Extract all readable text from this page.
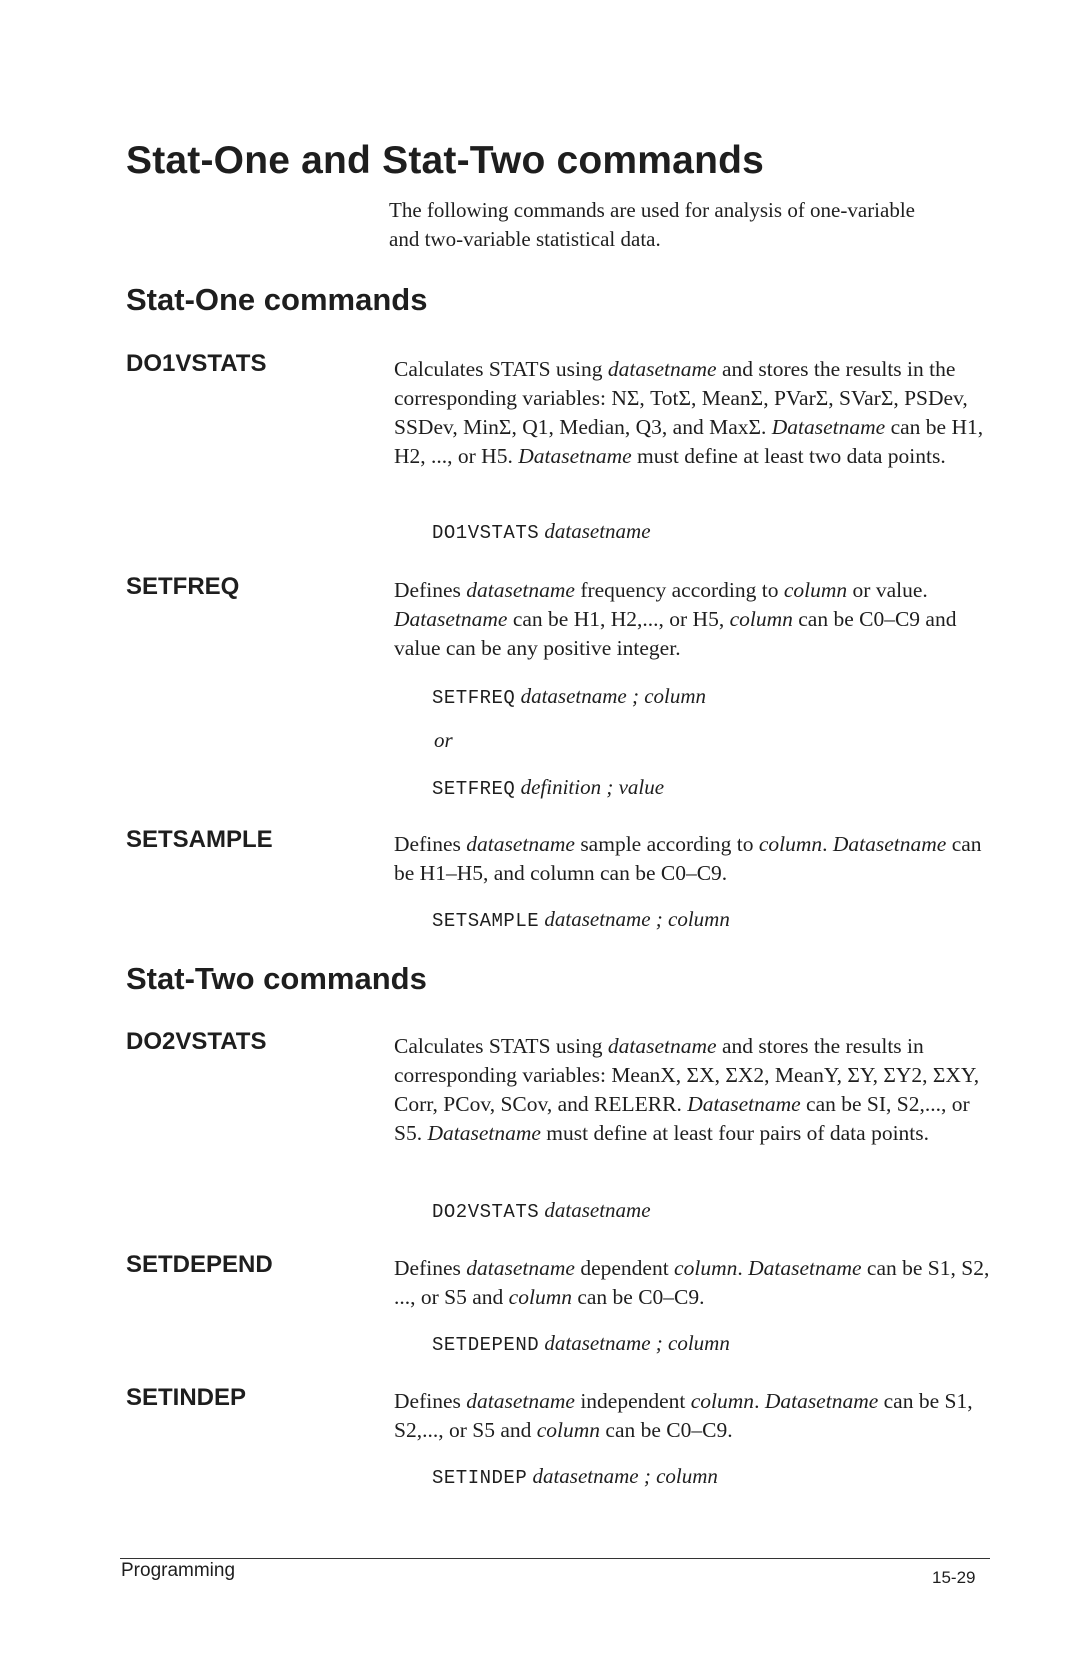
Stat-One and Stat-Two commands

The following commands are used for analysis of one-variable and two-variable statistical data.

Stat-One commands
DO1VSTATS	Calculates STATS using datasetname and stores the results in the corresponding variables: NΣ, TotΣ, MeanΣ, PVarΣ, SVarΣ, PSDev, SSDev, MinΣ, Q1, Median, Q3, and MaxΣ. Datasetname can be H1, H2, ..., or H5. Datasetname must define at least two data points.

DO1VSTATS datasetname
SETFREQ	Defines datasetname frequency according to column or value. Datasetname can be H1, H2,..., or H5, column can be C0–C9 and value can be any positive integer.

SETFREQ datasetname ; column
or
SETFREQ definition ; value
SETSAMPLE	Defines datasetname sample according to column. Datasetname can be H1–H5, and column can be C0–C9.

SETSAMPLE datasetname ; column
Stat-Two commands
DO2VSTATS	Calculates STATS using datasetname and stores the results in corresponding variables: MeanX, ΣX, ΣX2, MeanY, ΣY, ΣY2, ΣXY, Corr, PCov, SCov, and RELERR. Datasetname can be SI, S2,..., or S5. Datasetname must define at least four pairs of data points.

DO2VSTATS datasetname
SETDEPEND	Defines datasetname dependent column. Datasetname can be S1, S2, ..., or S5 and column can be C0–C9.

SETDEPEND datasetname ; column
SETINDEP	Defines datasetname independent column. Datasetname can be S1, S2,..., or S5 and column can be C0–C9.

SETINDEP datasetname ; column
Programming	15-29
